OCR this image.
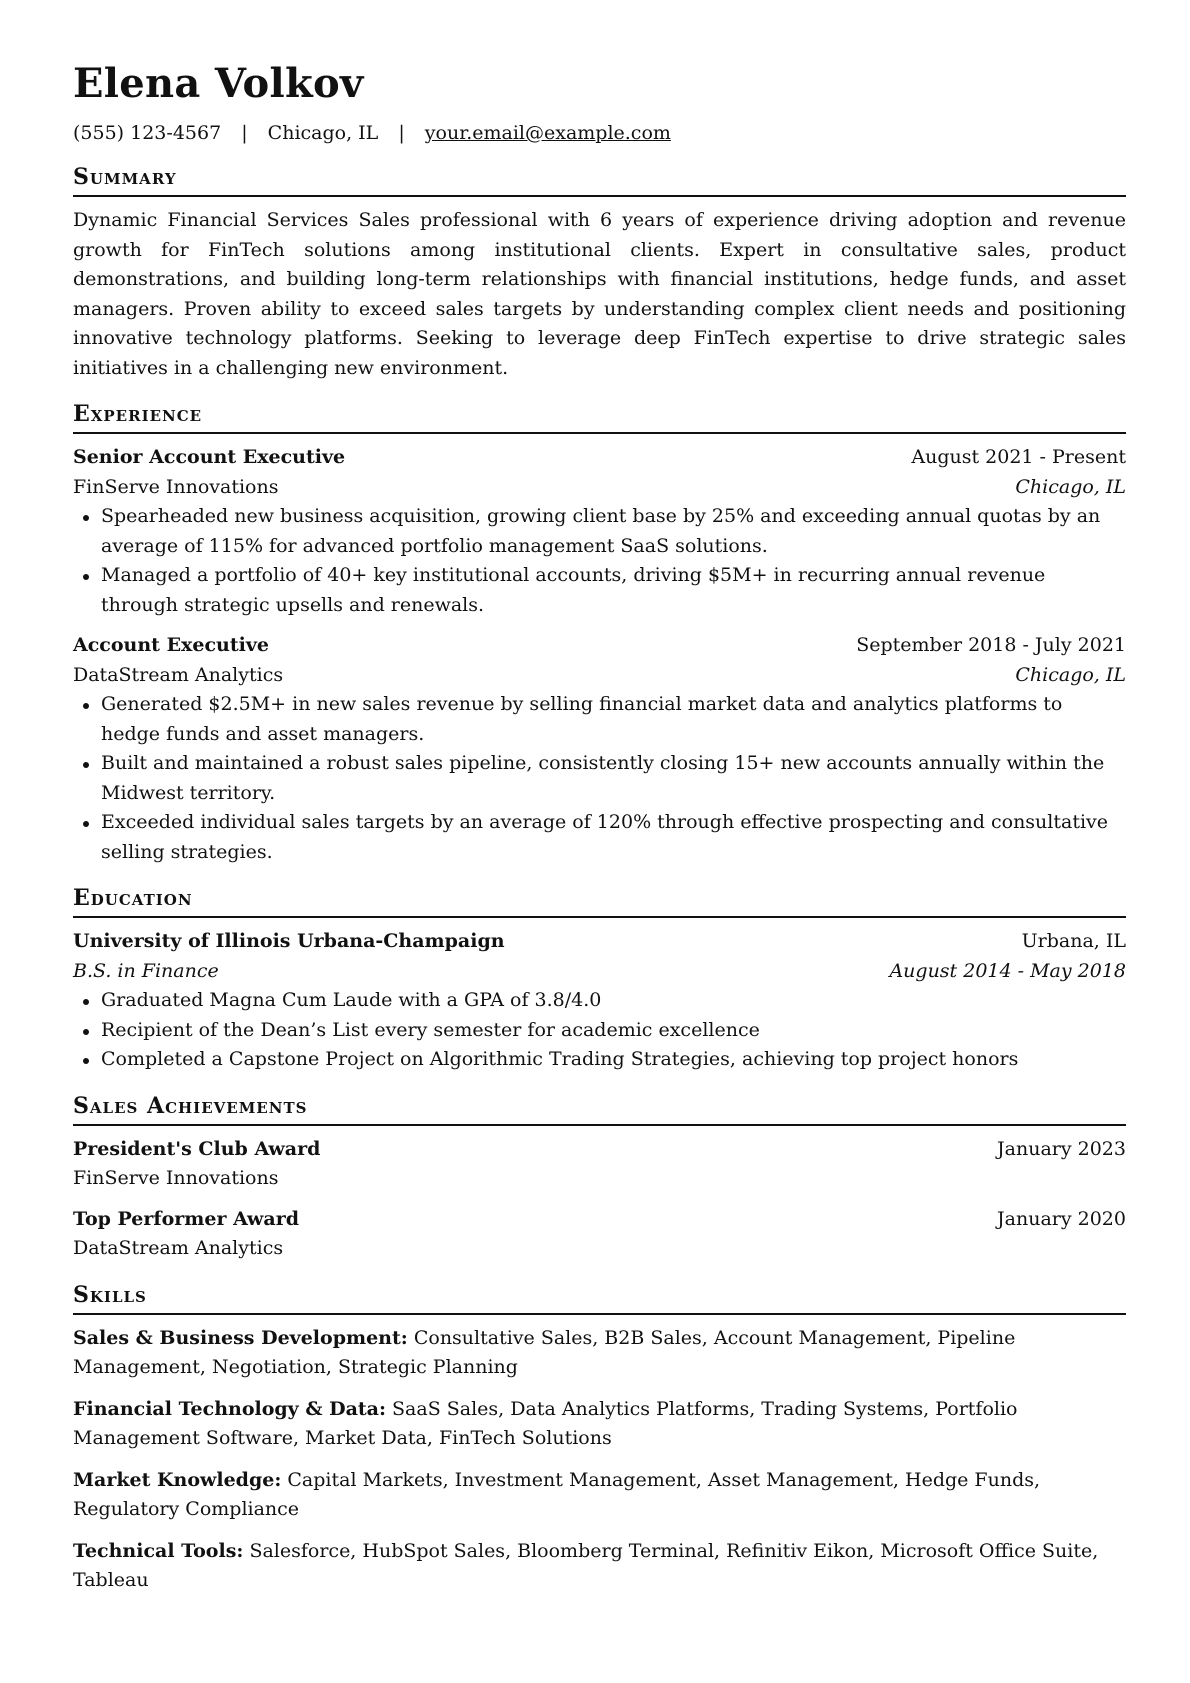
Elena Volkov
(555) 123-4567 | Chicago, IL | your.email@example.com
Summary
Dynamic Financial Services Sales professional with 6 years of experience driving adoption and revenue growth for FinTech solutions among institutional clients. Expert in consultative sales, product demonstrations, and building long-term relationships with financial institutions, hedge funds, and asset managers. Proven ability to exceed sales targets by understanding complex client needs and positioning innovative technology platforms. Seeking to leverage deep FinTech expertise to drive strategic sales initiatives in a challenging new environment.
Experience
Senior Account Executive	August 2021 - Present
FinServe Innovations	Chicago, IL
Spearheaded new business acquisition, growing client base by 25% and exceeding annual quotas by an average of 115% for advanced portfolio management SaaS solutions.
Managed a portfolio of 40+ key institutional accounts, driving $5M+ in recurring annual revenue through strategic upsells and renewals.
Account Executive	September 2018 - July 2021
DataStream Analytics	Chicago, IL
Generated $2.5M+ in new sales revenue by selling financial market data and analytics platforms to hedge funds and asset managers.
Built and maintained a robust sales pipeline, consistently closing 15+ new accounts annually within the Midwest territory.
Exceeded individual sales targets by an average of 120% through effective prospecting and consultative selling strategies.
Education
University of Illinois Urbana-Champaign	Urbana, IL
B.S. in Finance	August 2014 - May 2018
Graduated Magna Cum Laude with a GPA of 3.8/4.0
Recipient of the Dean’s List every semester for academic excellence
Completed a Capstone Project on Algorithmic Trading Strategies, achieving top project honors
Sales Achievements
President's Club Award	January 2023
FinServe Innovations
Top Performer Award	January 2020
DataStream Analytics
Skills
Sales & Business Development: Consultative Sales, B2B Sales, Account Management, Pipeline Management, Negotiation, Strategic Planning
Financial Technology & Data: SaaS Sales, Data Analytics Platforms, Trading Systems, Portfolio Management Software, Market Data, FinTech Solutions
Market Knowledge: Capital Markets, Investment Management, Asset Management, Hedge Funds, Regulatory Compliance
Technical Tools: Salesforce, HubSpot Sales, Bloomberg Terminal, Refinitiv Eikon, Microsoft Office Suite, Tableau
